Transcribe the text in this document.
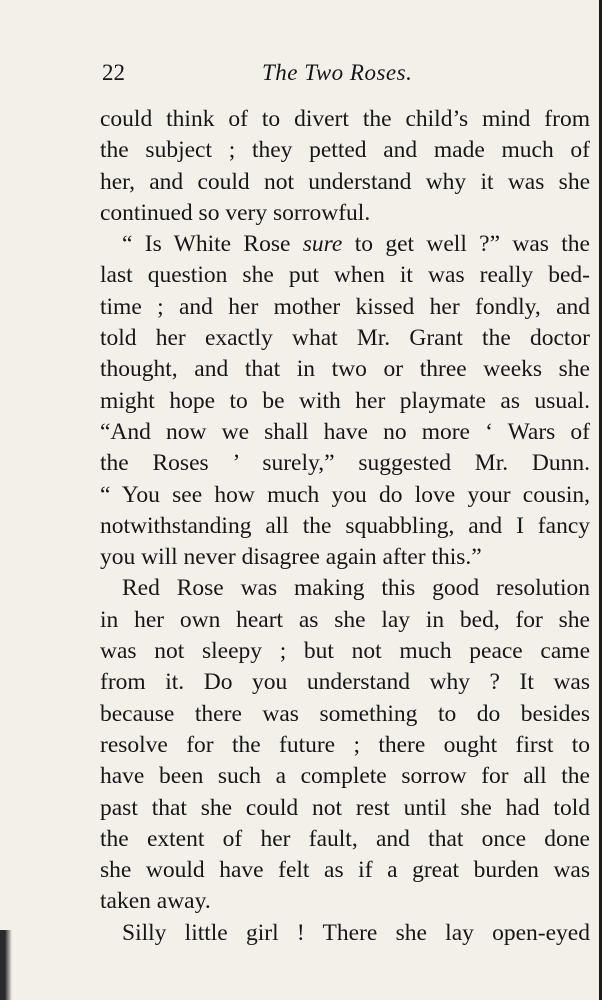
22	The Two Roses.
could think of to divert the child’s mind from
the subject ; they petted and made much of
her, and could not understand why it was she
continued so very sorrowful.
“ Is White Rose sure to get well ?” was the
last question she put when it was really bed-
time ; and her mother kissed her fondly, and
told her exactly what Mr. Grant the doctor
thought, and that in two or three weeks she
might hope to be with her playmate as usual.
“And now we shall have no more ‘ Wars of
the Roses ’ surely,” suggested Mr. Dunn.
“ You see how much you do love your cousin,
notwithstanding all the squabbling, and I fancy
you will never disagree again after this.”
Red Rose was making this good resolution
in her own heart as she lay in bed, for she
was not sleepy ; but not much peace came
from it. Do you understand why ? It was
because there was something to do besides
resolve for the future ; there ought first to
have been such a complete sorrow for all the
past that she could not rest until she had told
the extent of her fault, and that once done
she would have felt as if a great burden was
taken away.
Silly little girl ! There she lay open-eyed
